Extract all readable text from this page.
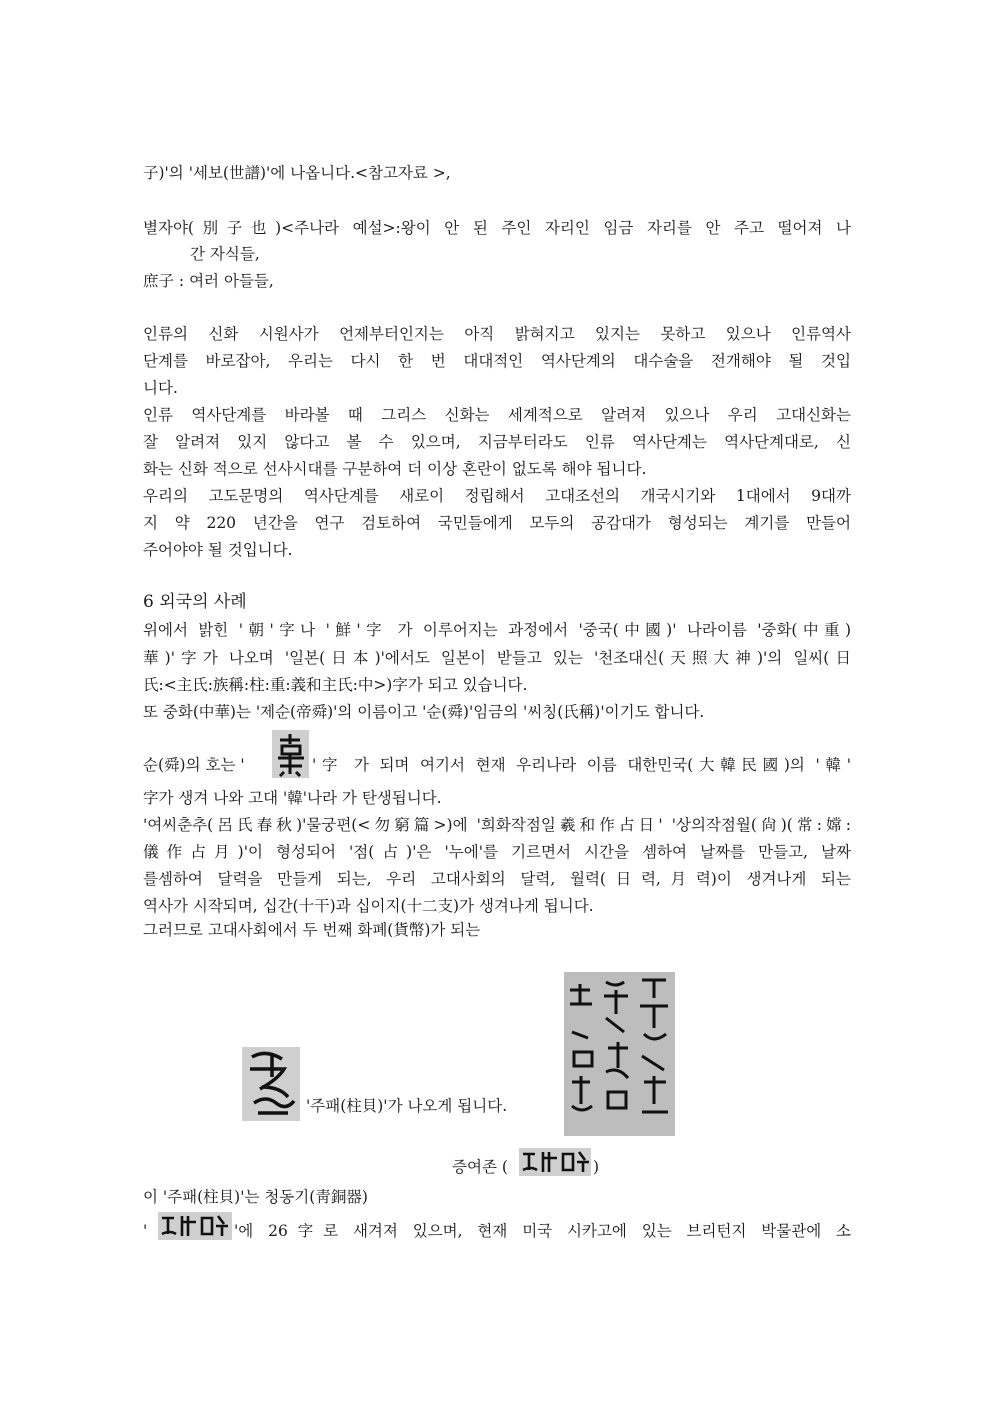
子)'의 '세보(世譜)'에 나옵니다.<참고자료 >,
별자야(別子也)<주나라 예설>:왕이 안 된 주인 자리인 임금 자리를 안 주고 떨어져 나
간 자식들,
庶子 : 여러 아들들,
인류의 신화 시원사가 언제부터인지는 아직 밝혀지고 있지는 못하고 있으나 인류역사
단계를 바로잡아, 우리는 다시 한 번 대대적인 역사단계의 대수술을 전개해야 될 것입
니다.
인류 역사단계를 바라볼 때 그리스 신화는 세계적으로 알려져 있으나 우리 고대신화는
잘 알려져 있지 않다고 볼 수 있으며, 지금부터라도 인류 역사단계는 역사단계대로, 신
화는 신화 적으로 선사시대를 구분하여 더 이상 혼란이 없도록 해야 됩니다.
우리의 고도문명의 역사단계를 새로이 정립해서 고대조선의 개국시기와 1대에서 9대까
지 약 220 년간을 연구 검토하여 국민들에게 모두의 공감대가 형성되는 계기를 만들어
주어야야 될 것입니다.
6 외국의 사례
위에서 밝힌 '朝'字나 '鮮'字 가 이루어지는 과정에서 '중국(中國)' 나라이름 '중화(中重)
華)'字가 나오며 '일본(日本)'에서도 일본이 받들고 있는 '천조대신(天照大神)'의 일씨(日
氏:<主氏:族稱:柱:重:義和主氏:中>)字가 되고 있습니다.
또 중화(中華)는 '제순(帝舜)'의 이름이고 '순(舜)'임금의 '씨칭(氏稱)'이기도 합니다.
순(舜)의 호는 '	'字 가 되며 여기서 현재 우리나라 이름 대한민국(大韓民國)의 '韓'
字가 생겨 나와 고대 '韓'나라 가 탄생됩니다.
'여씨춘추(呂氏春秋)'물궁편(<勿窮篇>)에 '희화작점일羲和作占日' '상의작점월(尙)(常:嫦:
儀作占月)'이 형성되어 '점(占)'은 '누에'를 기르면서 시간을 셈하여 날짜를 만들고, 날짜
를셈하여 달력을 만들게 되는, 우리 고대사회의 달력, 월력(日력,月력)이 생겨나게 되는
역사가 시작되며, 십간(十干)과 십이지(十二支)가 생겨나게 됩니다.
그러므로 고대사회에서 두 번째 화폐(貨幣)가 되는
'주패(柱貝)'가 나오게 됩니다.
증여존 (	)
이 '주패(柱貝)'는 청동기(靑銅器)
'	'에 26字로 새겨져 있으며, 현재 미국 시카고에 있는 브리턴지 박물관에 소
